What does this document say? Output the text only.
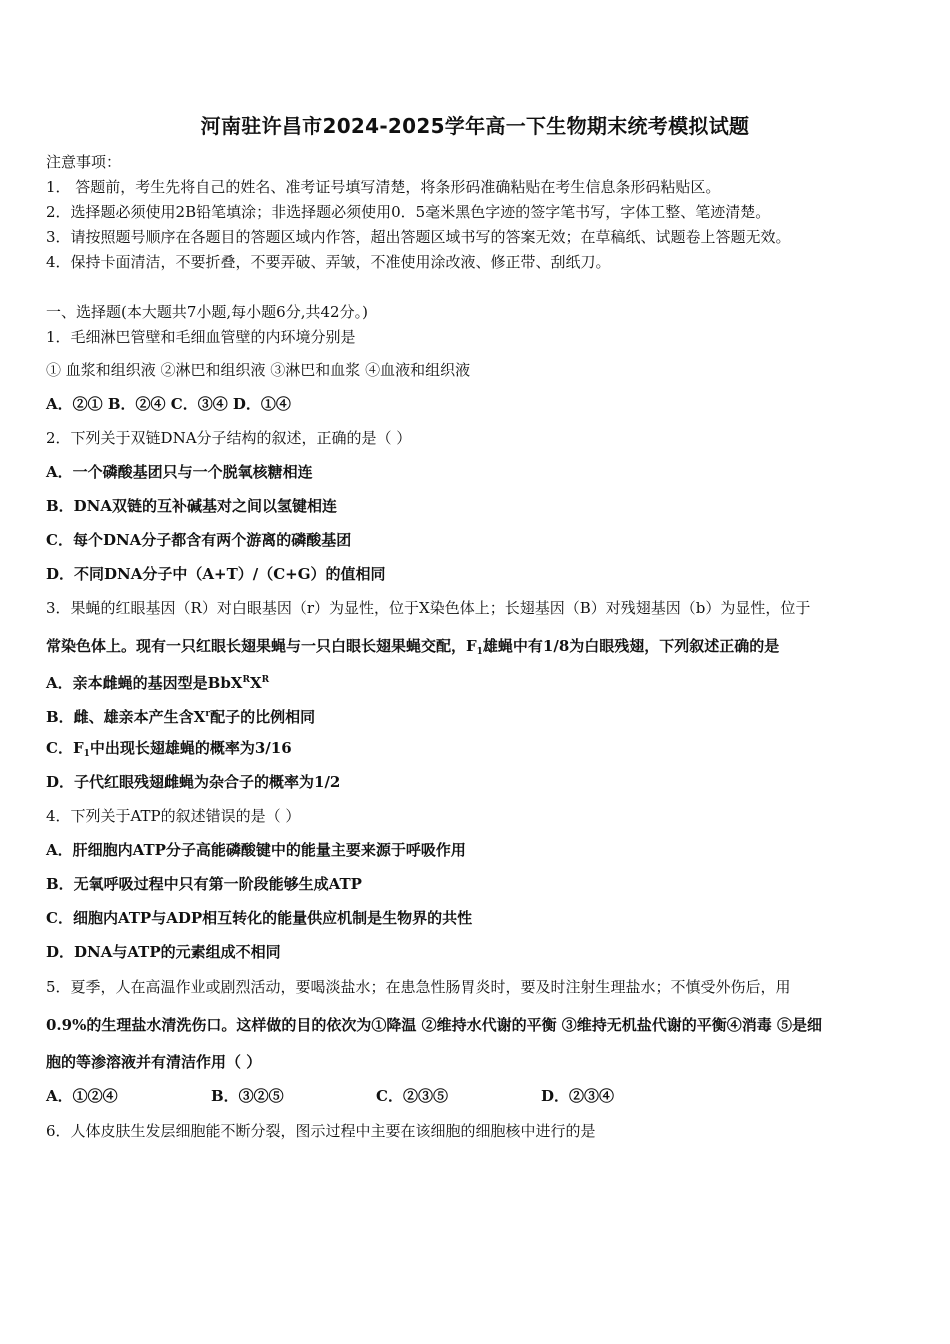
河南驻许昌市2024-2025学年高一下生物期末统考模拟试题
注意事项：
1． 答题前，考生先将自己的姓名、准考证号填写清楚，将条形码准确粘贴在考生信息条形码粘贴区。
2．选择题必须使用2B铅笔填涂；非选择题必须使用0．5毫米黑色字迹的签字笔书写，字体工整、笔迹清楚。
3．请按照题号顺序在各题目的答题区域内作答，超出答题区域书写的答案无效；在草稿纸、试题卷上答题无效。
4．保持卡面清洁，不要折叠，不要弄破、弄皱，不准使用涂改液、修正带、刮纸刀。
一、选择题(本大题共7小题,每小题6分,共42分。)
1．毛细淋巴管壁和毛细血管壁的内环境分别是
① 血浆和组织液 ②淋巴和组织液 ③淋巴和血浆 ④血液和组织液
A．②① B．②④ C．③④ D．①④
2．下列关于双链DNA分子结构的叙述，正确的是（ ）
A．一个磷酸基团只与一个脱氧核糖相连
B．DNA双链的互补碱基对之间以氢键相连
C．每个DNA分子都含有两个游离的磷酸基团
D．不同DNA分子中（A+T）/（C+G）的值相同
3．果蝇的红眼基因（R）对白眼基因（r）为显性，位于X染色体上；长翅基因（B）对残翅基因（b）为显性，位于
常染色体上。现有一只红眼长翅果蝇与一只白眼长翅果蝇交配，$F_1$雄蝇中有1/8为白眼残翅，下列叙述正确的是
A．亲本雌蝇的基因型是$BbX^RX^R$
B．雌、雄亲本产生含$X^r$配子的比例相同
C．$F_1$中出现长翅雄蝇的概率为3/16
D．子代红眼残翅雌蝇为杂合子的概率为1/2
4．下列关于ATP的叙述错误的是（ ）
A．肝细胞内ATP分子高能磷酸键中的能量主要来源于呼吸作用
B．无氧呼吸过程中只有第一阶段能够生成ATP
C．细胞内ATP与ADP相互转化的能量供应机制是生物界的共性
D．DNA与ATP的元素组成不相同
5．夏季，人在高温作业或剧烈活动，要喝淡盐水；在患急性肠胃炎时，要及时注射生理盐水；不慎受外伤后，用
0.9%的生理盐水清洗伤口。这样做的目的依次为①降温 ②维持水代谢的平衡 ③维持无机盐代谢的平衡④消毒 ⑤是细
胞的等渗溶液并有清洁作用（ ）
A．①②④	B．③②⑤	C．②③⑤	D．②③④
6．人体皮肤生发层细胞能不断分裂，图示过程中主要在该细胞的细胞核中进行的是
